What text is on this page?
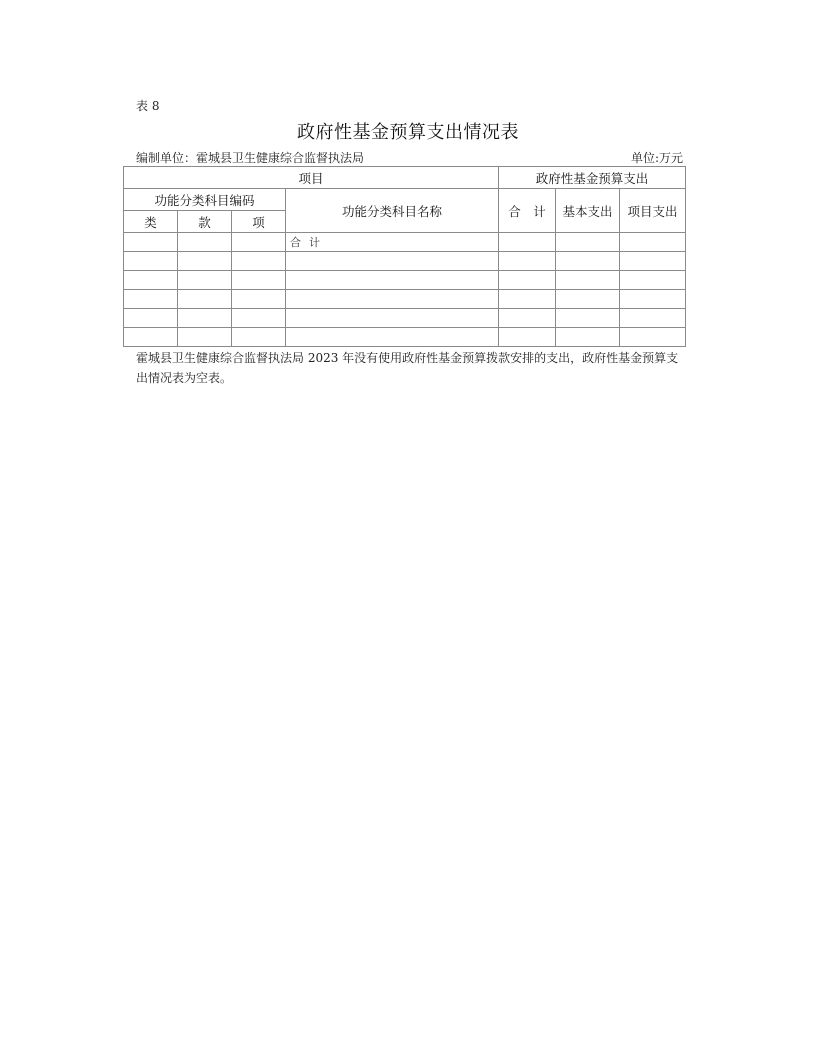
表 8
政府性基金预算支出情况表
编制单位：霍城县卫生健康综合监督执法局	单位:万元
项目				政府性基金预算支出		
功能分类科目编码			功能分类科目名称	合　计	基本支出	项目支出
类	款	项				
			合计			

霍城县卫生健康综合监督执法局 2023 年没有使用政府性基金预算拨款安排的支出，政府性基金预算支出情况表为空表。
